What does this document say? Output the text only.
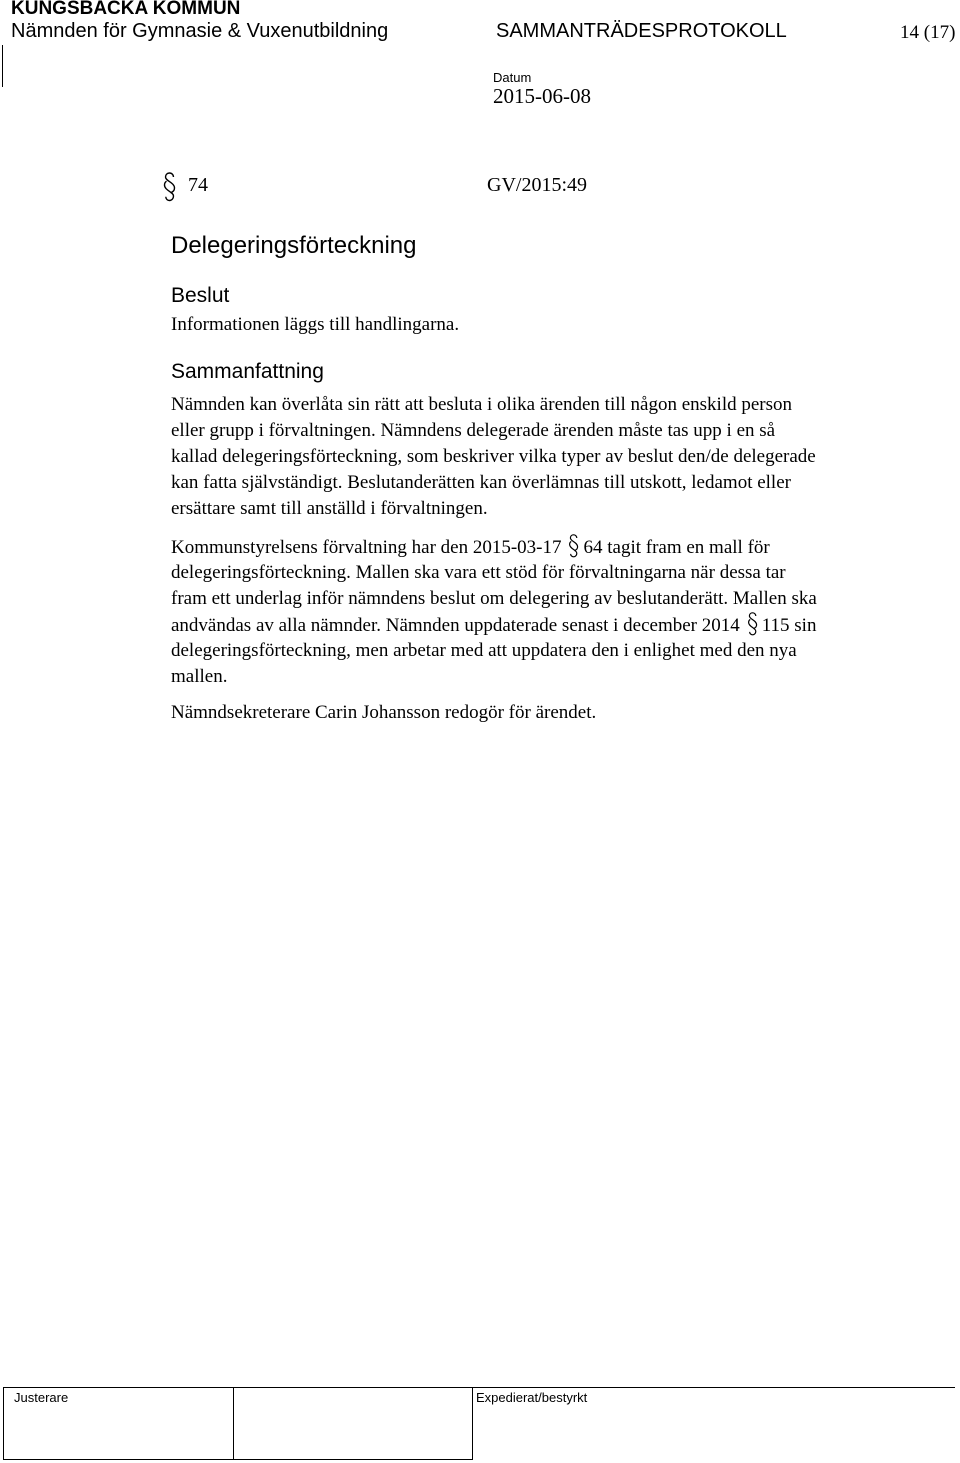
KUNGSBACKA KOMMUN
Nämnden för Gymnasie & Vuxenutbildning	SAMMANTRÄDESPROTOKOLL	14 (17)
Datum
2015-06-08
74	GV/2015:49
Delegeringsförteckning
Beslut
Informationen läggs till handlingarna.
Sammanfattning
Nämnden kan överlåta sin rätt att besluta i olika ärenden till någon enskild person
eller grupp i förvaltningen. Nämndens delegerade ärenden måste tas upp i en så
kallad delegeringsförteckning, som beskriver vilka typer av beslut den/de delegerade
kan fatta självständigt. Beslutanderätten kan överlämnas till utskott, ledamot eller
ersättare samt till anställd i förvaltningen.
Kommunstyrelsens förvaltning har den 2015-03-17 64 tagit fram en mall för
delegeringsförteckning. Mallen ska vara ett stöd för förvaltningarna när dessa tar
fram ett underlag inför nämndens beslut om delegering av beslutanderätt. Mallen ska
andvändas av alla nämnder. Nämnden uppdaterade senast i december 2014 115 sin
delegeringsförteckning, men arbetar med att uppdatera den i enlighet med den nya
mallen.
Nämndsekreterare Carin Johansson redogör för ärendet.
Justerare	Expedierat/bestyrkt
